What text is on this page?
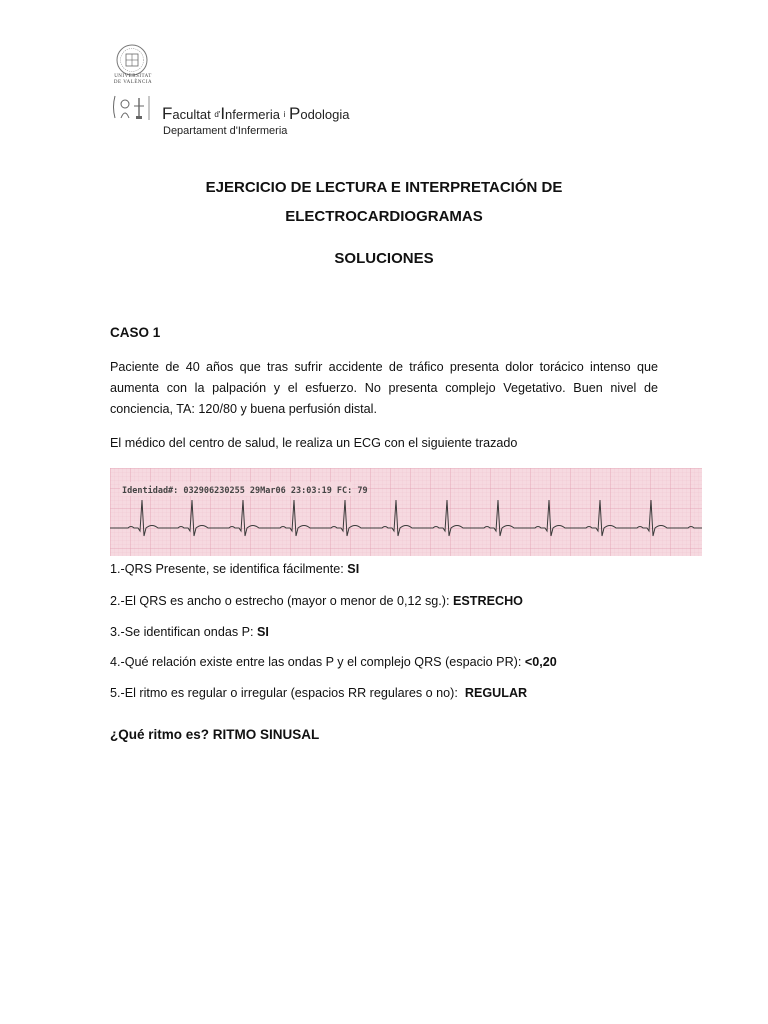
UNIVERSITAT
DE VALÈNCIA
Facultat d'Infermeria i Podologia
Departament d'Infermeria
EJERCICIO DE LECTURA E INTERPRETACIÓN DE
ELECTROCARDIOGRAMAS
SOLUCIONES
CASO 1
Paciente de 40 años que tras sufrir accidente de tráfico presenta dolor torácico intenso que aumenta con la palpación y el esfuerzo. No presenta complejo Vegetativo. Buen nivel de conciencia, TA: 120/80 y buena perfusión distal.
El médico del centro de salud, le realiza un ECG con el siguiente trazado
Identidad#: 032906230255 29Mar06 23:03:19 FC: 79
1.-QRS Presente, se identifica fácilmente: SI
2.-El QRS es ancho o estrecho (mayor o menor de 0,12 sg.): ESTRECHO
3.-Se identifican ondas P: SI
4.-Qué relación existe entre las ondas P y el complejo QRS (espacio PR): <0,20
5.-El ritmo es regular o irregular (espacios RR regulares o no):  REGULAR
¿Qué ritmo es? RITMO SINUSAL
